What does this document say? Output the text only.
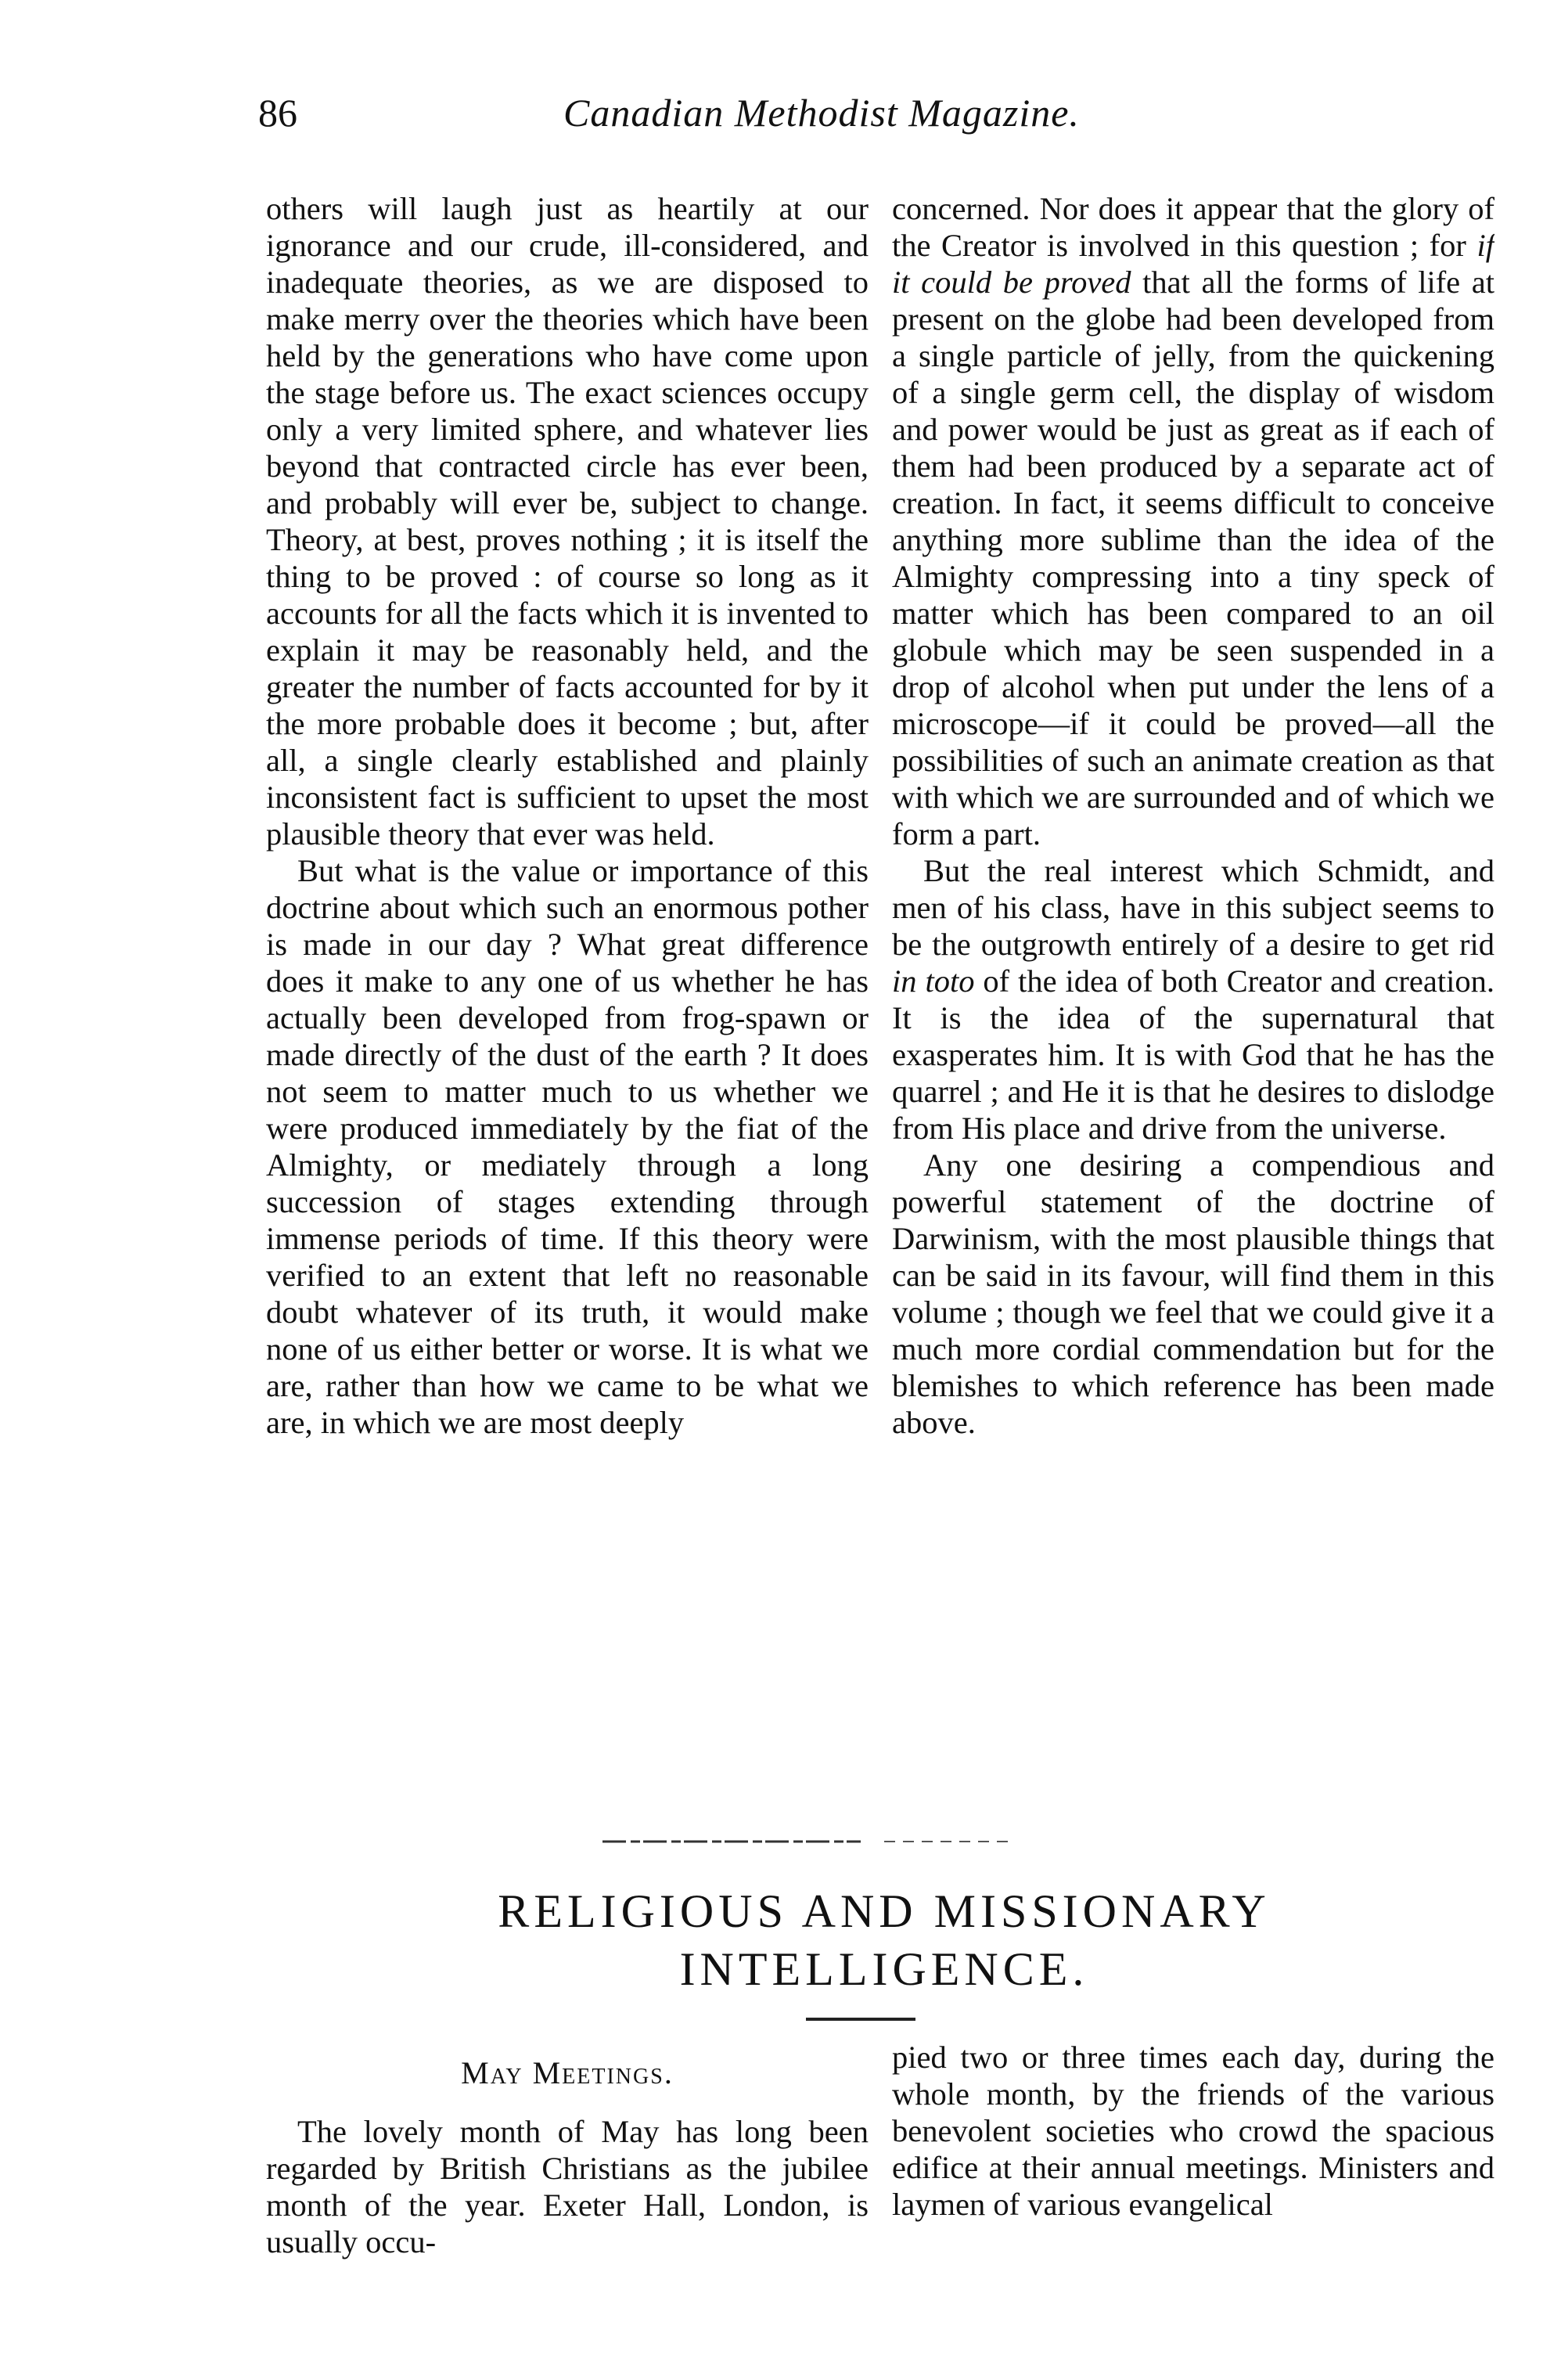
86	Canadian Methodist Magazine.

others will laugh just as heartily at our ignorance and our crude, ill-considered, and inadequate theories, as we are disposed to make merry over the theories which have been held by the generations who have come upon the stage before us. The exact sciences occupy only a very limited sphere, and whatever lies beyond that contracted circle has ever been, and probably will ever be, subject to change. Theory, at best, proves nothing ; it is itself the thing to be proved : of course so long as it accounts for all the facts which it is invented to explain it may be reasonably held, and the greater the number of facts accounted for by it the more probable does it become ; but, after all, a single clearly established and plainly inconsistent fact is sufficient to upset the most plausible theory that ever was held.

But what is the value or importance of this doctrine about which such an enormous pother is made in our day ? What great difference does it make to any one of us whether he has actually been developed from frog-spawn or made directly of the dust of the earth ? It does not seem to matter much to us whether we were produced immediately by the fiat of the Almighty, or mediately through a long succession of stages extending through immense periods of time. If this theory were verified to an extent that left no reasonable doubt whatever of its truth, it would make none of us either better or worse. It is what we are, rather than how we came to be what we are, in which we are most deeply

concerned. Nor does it appear that the glory of the Creator is involved in this question ; for if it could be proved that all the forms of life at present on the globe had been developed from a single particle of jelly, from the quickening of a single germ cell, the display of wisdom and power would be just as great as if each of them had been produced by a separate act of creation. In fact, it seems difficult to conceive anything more sublime than the idea of the Almighty compressing into a tiny speck of matter which has been compared to an oil globule which may be seen suspended in a drop of alcohol when put under the lens of a microscope—if it could be proved—all the possibilities of such an animate creation as that with which we are surrounded and of which we form a part.

But the real interest which Schmidt, and men of his class, have in this subject seems to be the outgrowth entirely of a desire to get rid in toto of the idea of both Creator and creation. It is the idea of the supernatural that exasperates him. It is with God that he has the quarrel ; and He it is that he desires to dislodge from His place and drive from the universe.

Any one desiring a compendious and powerful statement of the doctrine of Darwinism, with the most plausible things that can be said in its favour, will find them in this volume ; though we feel that we could give it a much more cordial commendation but for the blemishes to which reference has been made above.

RELIGIOUS AND MISSIONARY
INTELLIGENCE.
May Meetings.

The lovely month of May has long been regarded by British Christians as the jubilee month of the year. Exeter Hall, London, is usually occu-

pied two or three times each day, during the whole month, by the friends of the various benevolent societies who crowd the spacious edifice at their annual meetings. Ministers and laymen of various evangelical
